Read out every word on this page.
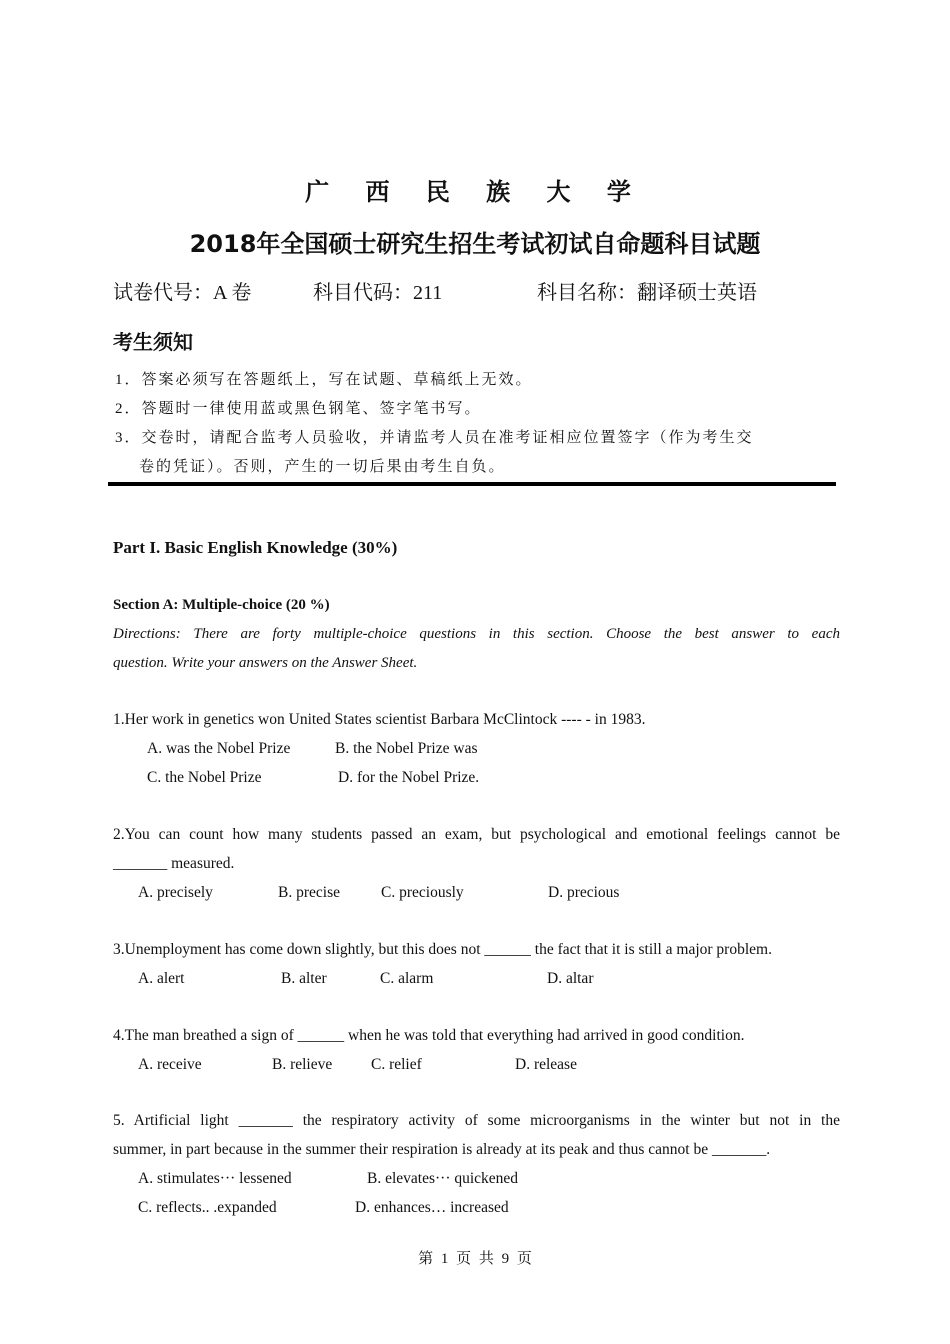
广 西 民 族 大 学
2018年全国硕士研究生招生考试初试自命题科目试题
试卷代号：A 卷	科目代码：211	科目名称：翻译硕士英语
考生须知
1．答案必须写在答题纸上，写在试题、草稿纸上无效。
2．答题时一律使用蓝或黑色钢笔、签字笔书写。
3．交卷时，请配合监考人员验收，并请监考人员在准考证相应位置签字（作为考生交
卷的凭证）。否则，产生的一切后果由考生自负。
Part I. Basic English Knowledge (30%)
Section A: Multiple-choice (20 %)
Directions: There are forty multiple-choice questions in this section. Choose the best answer to each
question. Write your answers on the Answer Sheet.
1.Her work in genetics won United States scientist Barbara McClintock ---- - in 1983.
A. was the Nobel Prize	B. the Nobel Prize was
C. the Nobel Prize	D. for the Nobel Prize.
2.You can count how many students passed an exam, but psychological and emotional feelings cannot be
_______ measured.
A. precisely	B. precise	C. preciously	D. precious
3.Unemployment has come down slightly, but this does not ______ the fact that it is still a major problem.
A. alert	B. alter	C. alarm	D. altar
4.The man breathed a sign of ______ when he was told that everything had arrived in good condition.
A. receive	B. relieve C. relief	D. release
5. Artificial light _______ the respiratory activity of some microorganisms in the winter but not in the
summer, in part because in the summer their respiration is already at its peak and thus cannot be _______.
A. stimulates··· lessened	B. elevates··· quickened
C. reflects.. .expanded	D. enhances… increased
第 1 页 共 9 页
